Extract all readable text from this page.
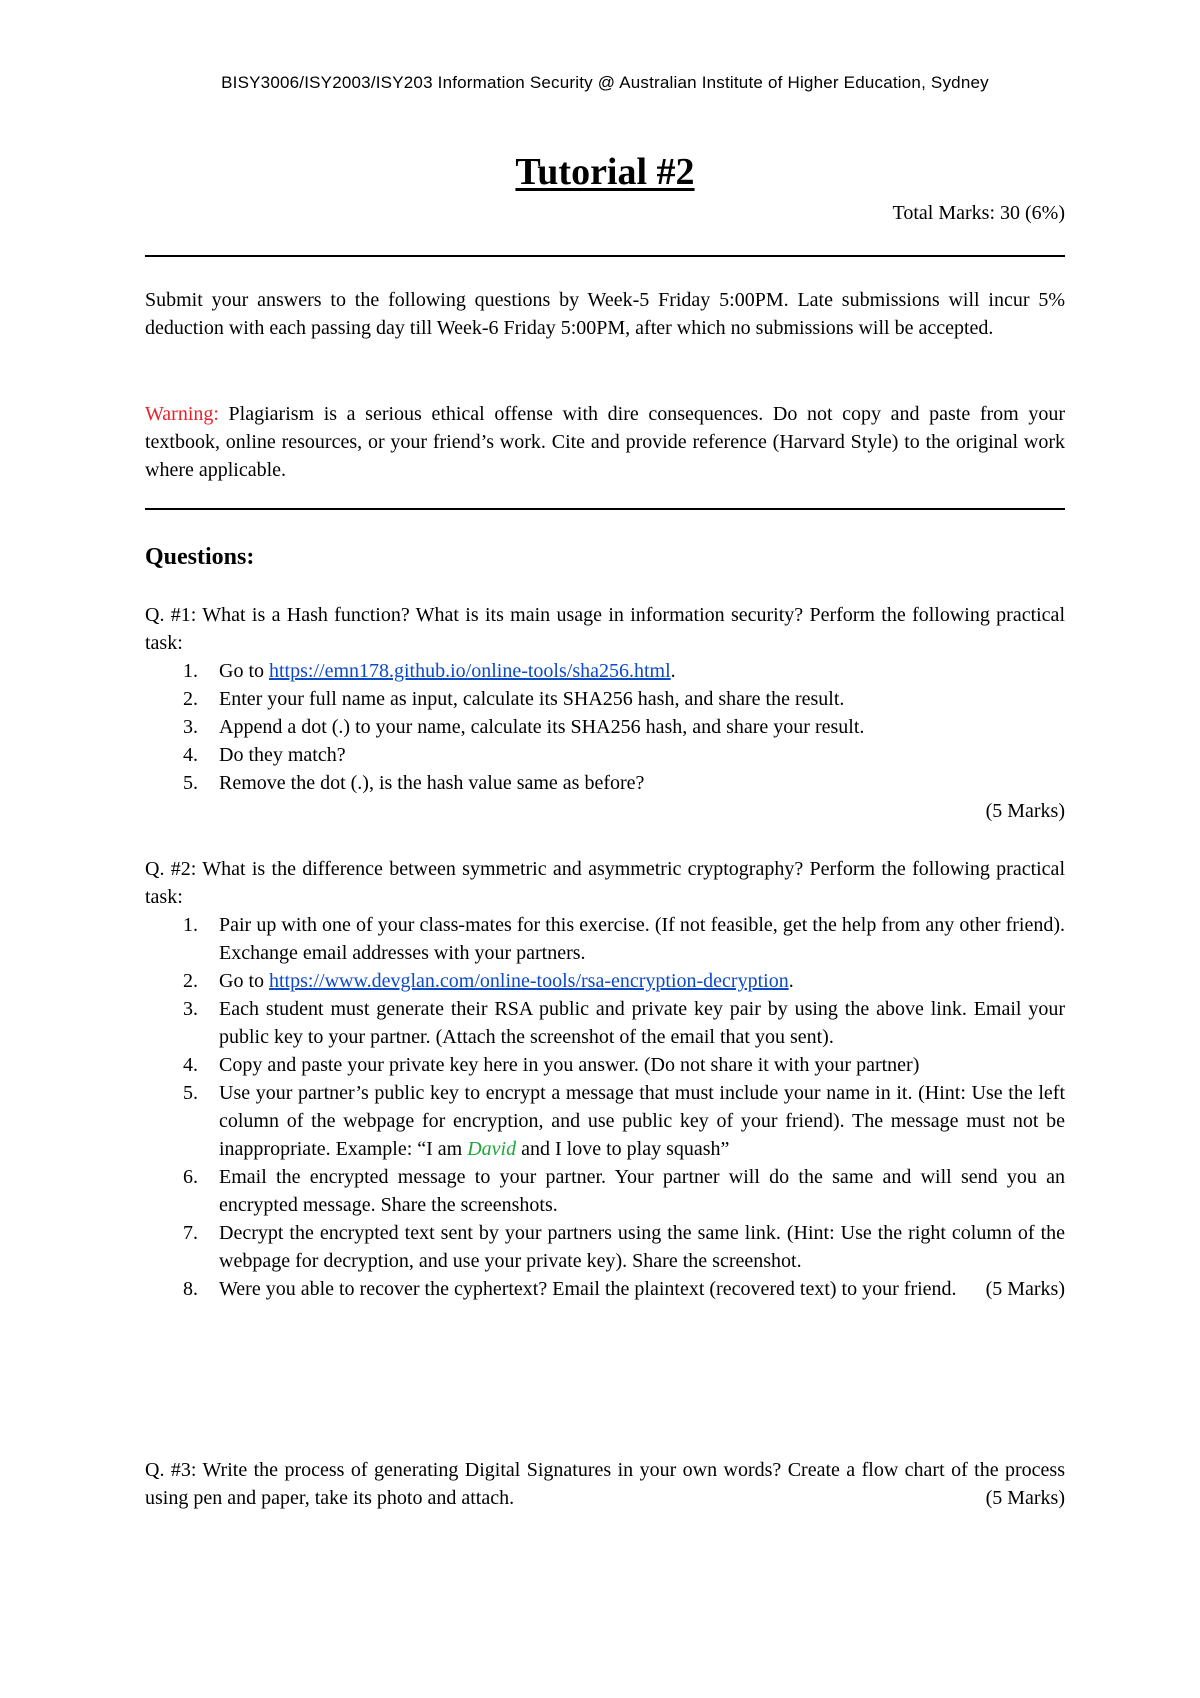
BISY3006/ISY2003/ISY203 Information Security @ Australian Institute of Higher Education, Sydney
Tutorial #2
Total Marks: 30 (6%)
Submit your answers to the following questions by Week-5 Friday 5:00PM. Late submissions will incur 5% deduction with each passing day till Week-6 Friday 5:00PM, after which no submissions will be accepted.
Warning: Plagiarism is a serious ethical offense with dire consequences. Do not copy and paste from your textbook, online resources, or your friend’s work. Cite and provide reference (Harvard Style) to the original work where applicable.
Questions:
Q. #1: What is a Hash function? What is its main usage in information security? Perform the following practical task:
1. Go to https://emn178.github.io/online-tools/sha256.html.
2. Enter your full name as input, calculate its SHA256 hash, and share the result.
3. Append a dot (.) to your name, calculate its SHA256 hash, and share your result.
4. Do they match?
5. Remove the dot (.), is the hash value same as before?
(5 Marks)
Q. #2: What is the difference between symmetric and asymmetric cryptography? Perform the following practical task:
1. Pair up with one of your class-mates for this exercise. (If not feasible, get the help from any other friend). Exchange email addresses with your partners.
2. Go to https://www.devglan.com/online-tools/rsa-encryption-decryption.
3. Each student must generate their RSA public and private key pair by using the above link. Email your public key to your partner. (Attach the screenshot of the email that you sent).
4. Copy and paste your private key here in you answer. (Do not share it with your partner)
5. Use your partner’s public key to encrypt a message that must include your name in it. (Hint: Use the left column of the webpage for encryption, and use public key of your friend). The message must not be inappropriate. Example: “I am David and I love to play squash”
6. Email the encrypted message to your partner. Your partner will do the same and will send you an encrypted message. Share the screenshots.
7. Decrypt the encrypted text sent by your partners using the same link. (Hint: Use the right column of the webpage for decryption, and use your private key). Share the screenshot.
8. Were you able to recover the cyphertext? Email the plaintext (recovered text) to your friend. (5 Marks)
Q. #3: Write the process of generating Digital Signatures in your own words? Create a flow chart of the process using pen and paper, take its photo and attach.	(5 Marks)
